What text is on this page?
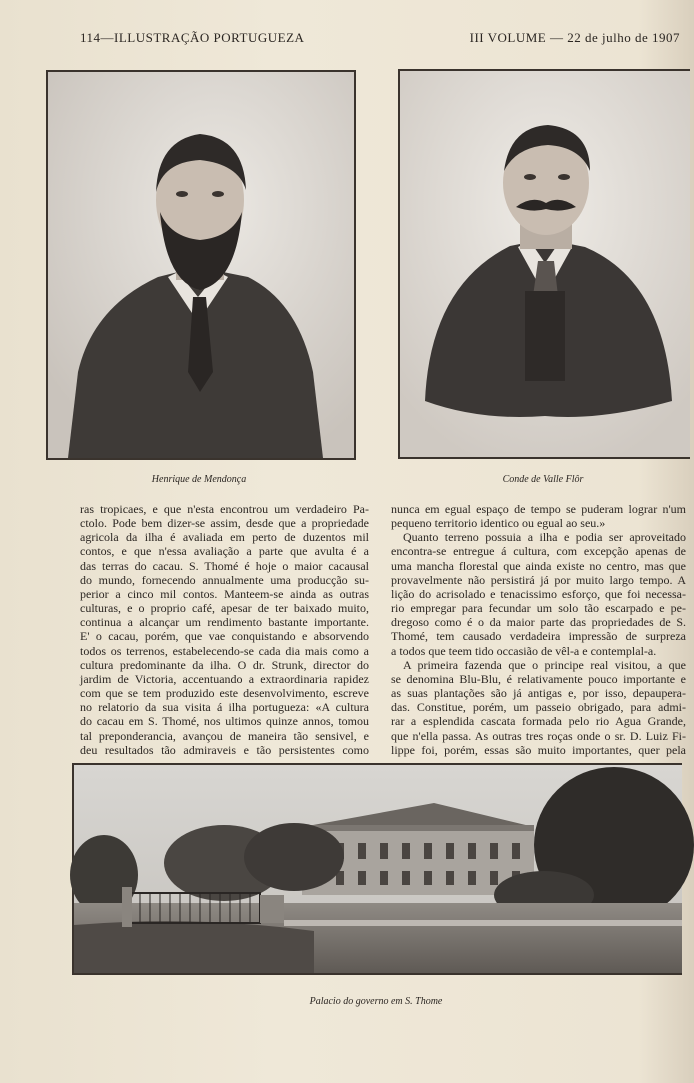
114—ILLUSTRAÇÃO PORTUGUEZA	III VOLUME — 22 de julho de 1907
Henrique de Mendonça	Conde de Valle Flôr
ras tropicaes, e que n'esta encontrou um verdadeiro Pa-
ctolo. Pode bem dizer-se assim, desde que a propriedade
agricola da ilha é avaliada em perto de duzentos mil
contos, e que n'essa avaliação a parte que avulta é a
das terras do cacau. S. Thomé é hoje o maior cacausal
do mundo, fornecendo annualmente uma producção su-
perior a cinco mil contos. Manteem-se ainda as outras
culturas, e o proprio café, apesar de ter baixado muito,
continua a alcançar um rendimento bastante importante.
E' o cacau, porém, que vae conquistando e absorvendo
todos os terrenos, estabelecendo-se cada dia mais como a
cultura predominante da ilha. O dr. Strunk, director do
jardim de Victoria, accentuando a extraordinaria rapidez
com que se tem produzido este desenvolvimento, escreve
no relatorio da sua visita á ilha portugueza: «A cultura
do cacau em S. Thomé, nos ultimos quinze annos, tomou
tal preponderancia, avançou de maneira tão sensivel, e
deu resultados tão admiraveis e tão persistentes como
nunca em egual espaço de tempo se puderam lograr n'um
pequeno territorio identico ou egual ao seu.»
Quanto terreno possuia a ilha e podia ser aproveitado
encontra-se entregue á cultura, com excepção apenas de
uma mancha florestal que ainda existe no centro, mas que
provavelmente não persistirá já por muito largo tempo. A
lição do acrisolado e tenacissimo esforço, que foi necessa-
rio empregar para fecundar um solo tão escarpado e pe-
dregoso como é o da maior parte das propriedades de S.
Thomé, tem causado verdadeira impressão de surpreza
a todos que teem tido occasião de vêl-a e contemplal-a.
A primeira fazenda que o principe real visitou, a que
se denomina Blu-Blu, é relativamente pouco importante e
as suas plantações são já antigas e, por isso, depaupera-
das. Constitue, porém, um passeio obrigado, para admi-
rar a esplendida cascata formada pelo rio Agua Grande,
que n'ella passa. As outras tres roças onde o sr. D. Luiz Fi-
lippe foi, porém, essas são muito importantes, quer pela
Palacio do governo em S. Thome
